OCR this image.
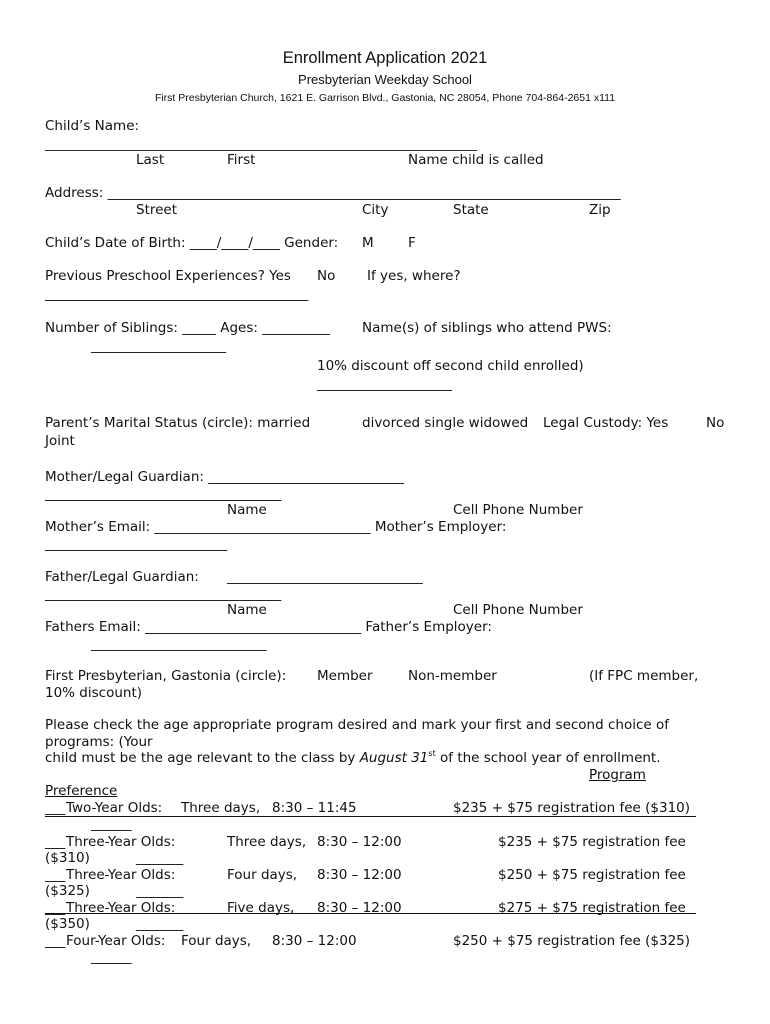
Enrollment Application 2021
Presbyterian Weekday School
First Presbyterian Church, 1621 E. Garrison Blvd., Gastonia, NC 28054, Phone 704-864-2651 x111
Child’s Name:
________________________________________________________________________
Last	First	Name child is called
Address: ____________________________________________________________________________
Street	City	State	Zip
Child’s Date of Birth: ____/____/____ Gender: M	F
Previous Preschool Experiences? Yes No If yes, where?
_______________________________________
Number of Siblings: _____ Ages: __________ Name(s) of siblings who attend PWS:
____________________
10% discount off second child enrolled)
____________________
Parent’s Marital Status (circle): married	divorced single widowed Legal Custody: Yes	No
Joint
Mother/Legal Guardian: _____________________________
___________________________________
Name	Cell Phone Number
Mother’s Email: ________________________________ Mother’s Employer:
___________________________
Father/Legal Guardian: _____________________________
___________________________________
Name	Cell Phone Number
Fathers Email: ________________________________ Father’s Employer:
__________________________
First Presbyterian, Gastonia (circle): Member	Non-member	(If FPC member,
10% discount)
Please check the age appropriate program desired and mark your first and second choice of
programs: (Your
child must be the age relevant to the class by August 31st of the school year of enrollment.
Program
Preference
___ Two-Year Olds: Three days, 8:30 – 11:45	$235 + $75 registration fee ($310)
______
___ Three-Year Olds:	Three days, 8:30 – 12:00	$235 + $75 registration fee
($310)	_______
___ Three-Year Olds:	Four days, 8:30 – 12:00	$250 + $75 registration fee
($325)	_______
___ Three-Year Olds:	Five days, 8:30 – 12:00	$275 + $75 registration fee
($350)	_______
___ Four-Year Olds: Four days, 8:30 – 12:00	$250 + $75 registration fee ($325)
______
